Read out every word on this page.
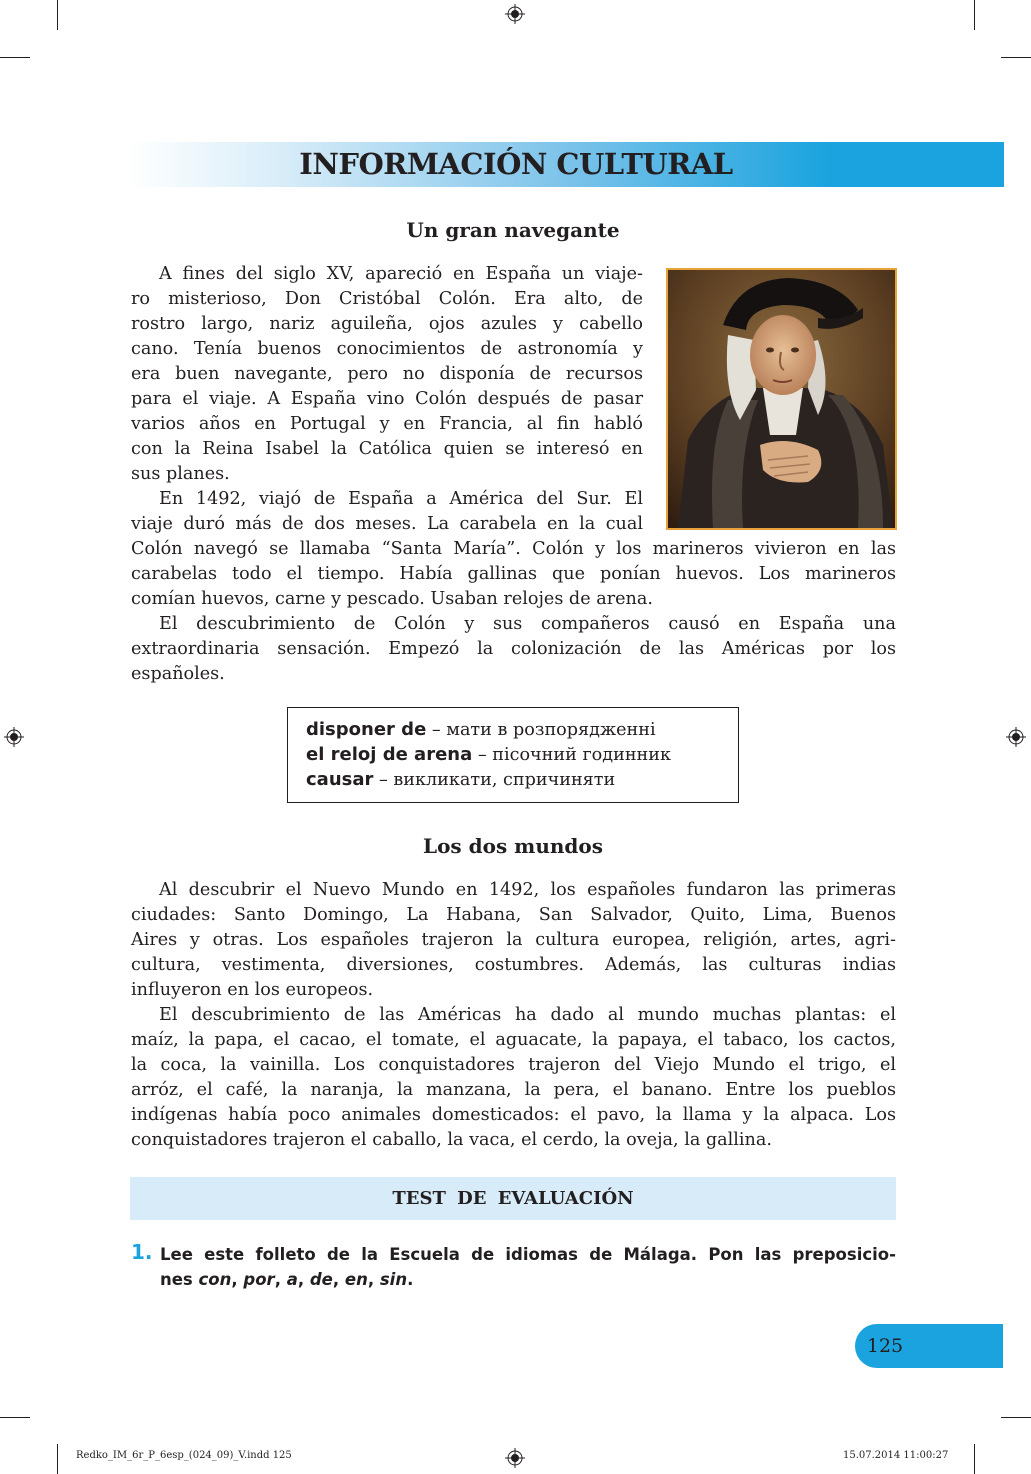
INFORMACIÓN CULTURAL
Un gran navegante
A fines del siglo XV, apareció en España un viaje-
ro misterioso, Don Cristóbal Colón. Era alto, de
rostro largo, nariz aguileña, ojos azules y cabello
cano. Tenía buenos conocimientos de astronomía y
era buen navegante, pero no disponía de recursos
para el viaje. A España vino Colón después de pasar
varios años en Portugal y en Francia, al fin habló
con la Reina Isabel la Católica quien se interesó en
sus planes.
En 1492, viajó de España a América del Sur. El
viaje duró más de dos meses. La carabela en la cual
Colón navegó se llamaba “Santa María”. Colón y los marineros vivieron en las
carabelas todo el tiempo. Había gallinas que ponían huevos. Los marineros
comían huevos, carne y pescado. Usaban relojes de arena.
El descubrimiento de Colón y sus compañeros causó en España una
extraordinaria sensación. Empezó la colonización de las Américas por los
españoles.
disponer de – мати в розпорядженні
el reloj de arena – пісочний годинник
causar – викликати, спричиняти
Los dos mundos
Al descubrir el Nuevo Mundo en 1492, los españoles fundaron las primeras
ciudades: Santo Domingo, La Habana, San Salvador, Quito, Lima, Buenos
Aires y otras. Los españoles trajeron la cultura europea, religión, artes, agri-
cultura, vestimenta, diversiones, costumbres. Además, las culturas indias
influyeron en los europeos.
El descubrimiento de las Américas ha dado al mundo muchas plantas: el
maíz, la papa, el cacao, el tomate, el aguacate, la papaya, el tabaco, los cactos,
la coca, la vainilla. Los conquistadores trajeron del Viejo Mundo el trigo, el
arróz, el café, la naranja, la manzana, la pera, el banano. Entre los pueblos
indígenas había poco animales domesticados: el pavo, la llama y la alpaca. Los
conquistadores trajeron el caballo, la vaca, el cerdo, la oveja, la gallina.
TEST DE EVALUACIÓN
1. Lee este folleto de la Escuela de idiomas de Málaga. Pon las preposicio-
nes con, por, a, de, en, sin.
125
Redko_IM_6r_P_6esp_(024_09)_V.indd 125	15.07.2014 11:00:27
